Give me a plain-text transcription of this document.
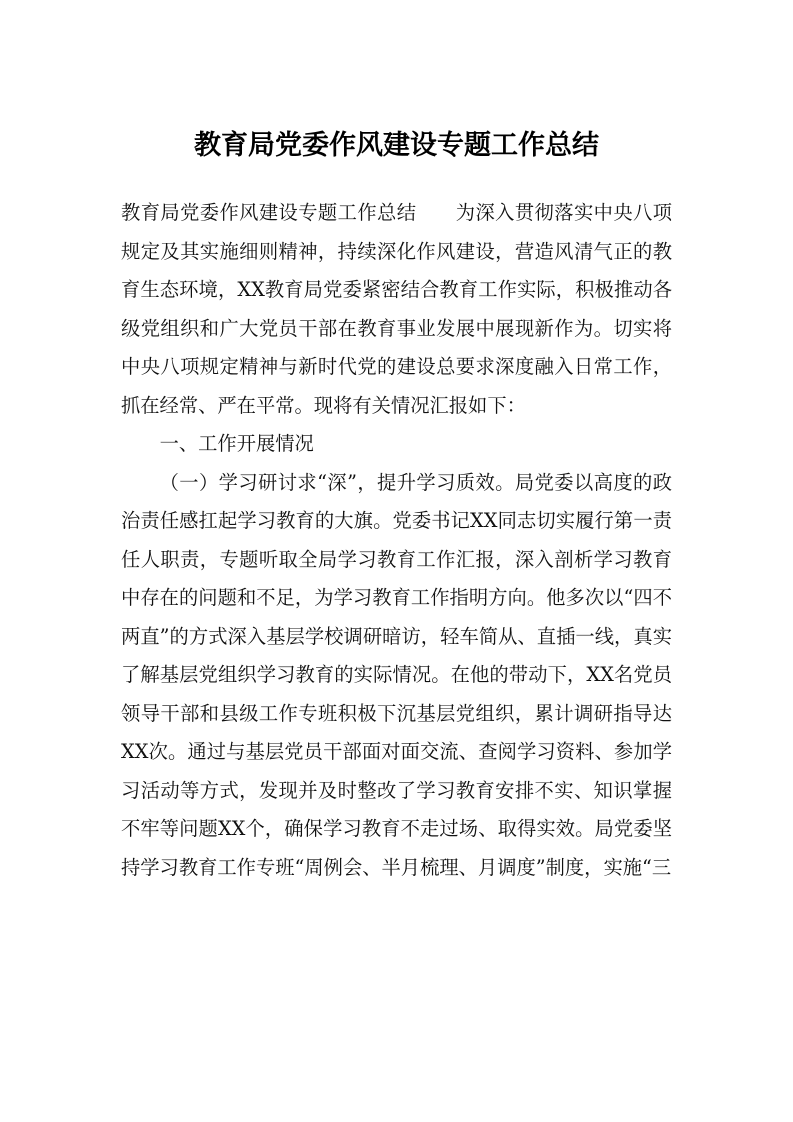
教育局党委作风建设专题工作总结

教育局党委作风建设专题工作总结　　为深入贯彻落实中央八项规定及其实施细则精神，持续深化作风建设，营造风清气正的教育生态环境，XX教育局党委紧密结合教育工作实际，积极推动各级党组织和广大党员干部在教育事业发展中展现新作为。切实将中央八项规定精神与新时代党的建设总要求深度融入日常工作，抓在经常、严在平常。现将有关情况汇报如下：

一、工作开展情况

（一）学习研讨求“深”，提升学习质效。局党委以高度的政治责任感扛起学习教育的大旗。党委书记XX同志切实履行第一责任人职责，专题听取全局学习教育工作汇报，深入剖析学习教育中存在的问题和不足，为学习教育工作指明方向。他多次以“四不两直”的方式深入基层学校调研暗访，轻车简从、直插一线，真实了解基层党组织学习教育的实际情况。在他的带动下，XX名党员领导干部和县级工作专班积极下沉基层党组织，累计调研指导达XX次。通过与基层党员干部面对面交流、查阅学习资料、参加学习活动等方式，发现并及时整改了学习教育安排不实、知识掌握不牢等问题XX个，确保学习教育不走过场、取得实效。局党委坚持学习教育工作专班“周例会、半月梳理、月调度”制度，实施“三
